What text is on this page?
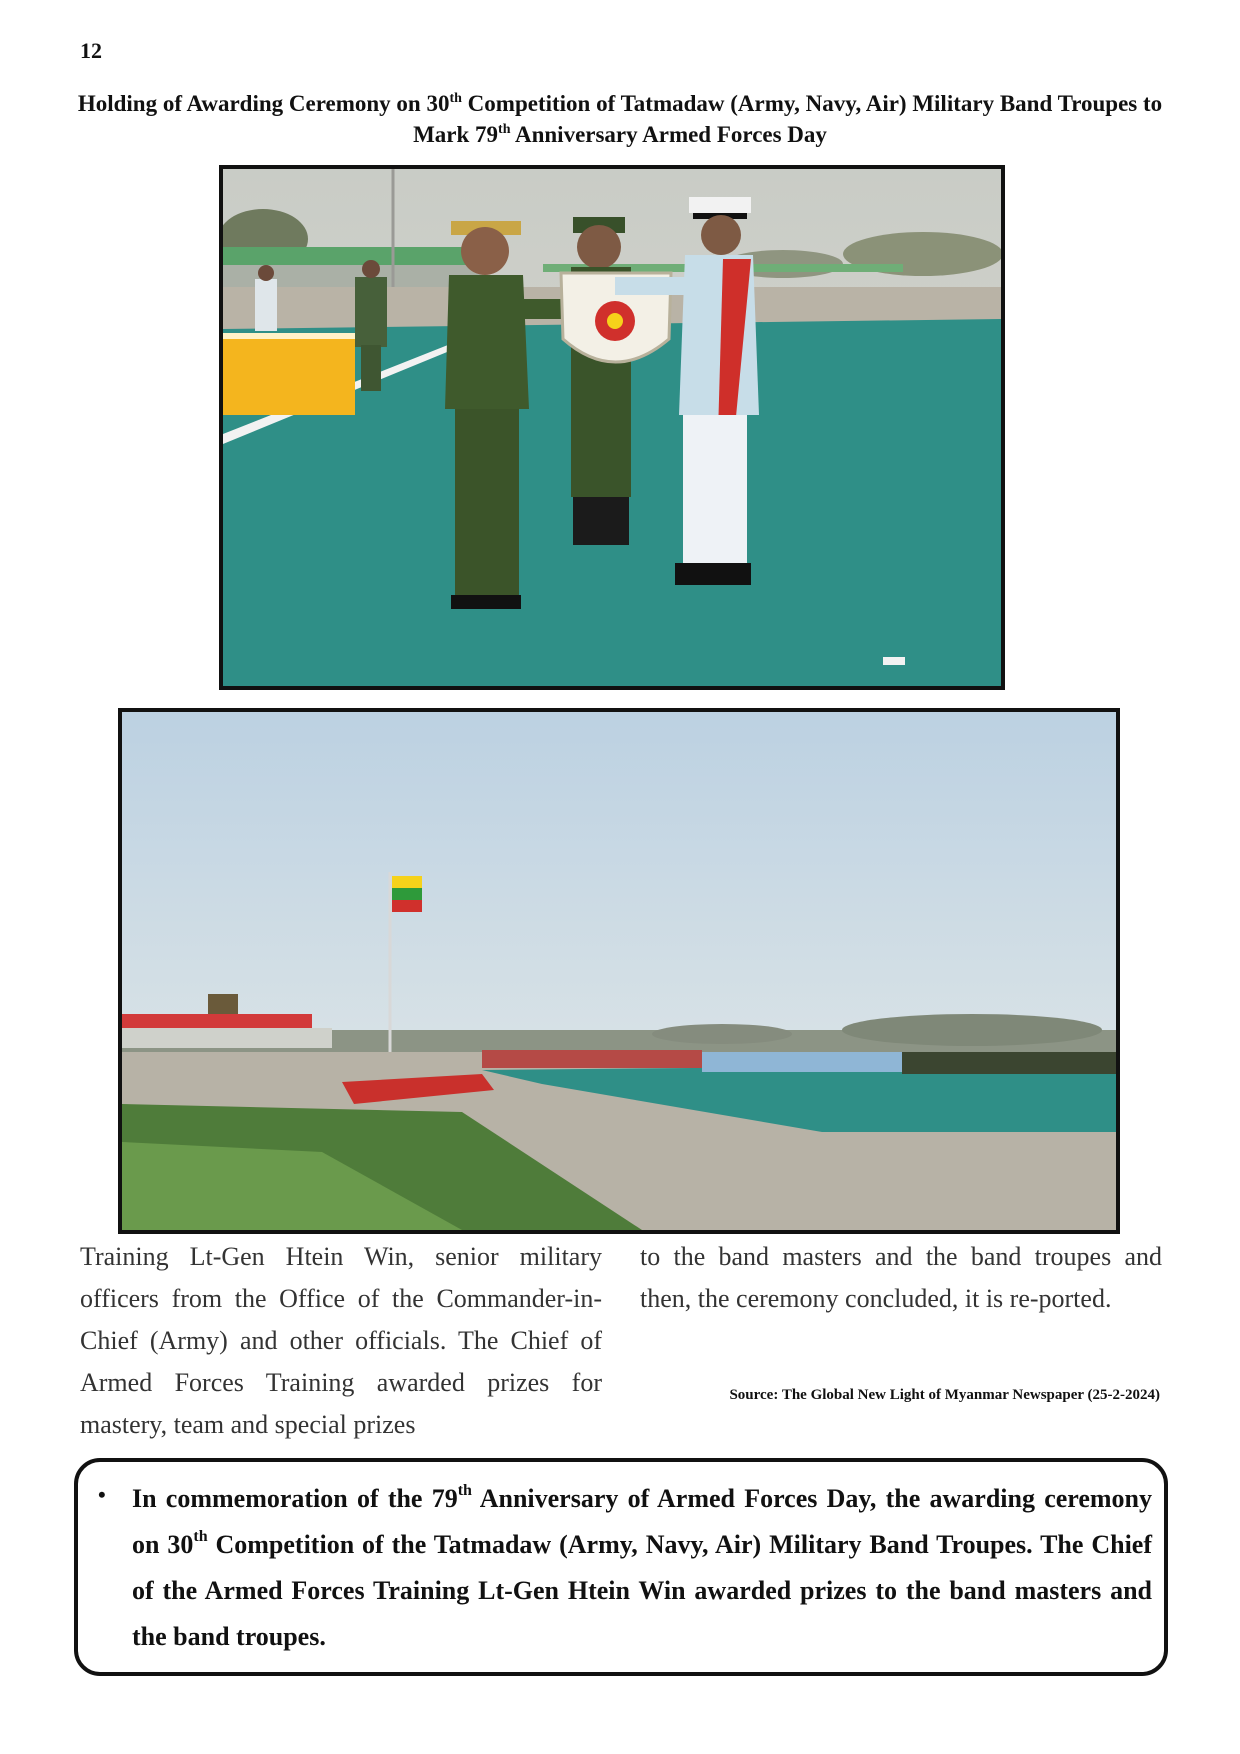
12
Holding of Awarding Ceremony on 30th Competition of Tatmadaw (Army, Navy, Air) Military Band Troupes to Mark 79th Anniversary Armed Forces Day
Training Lt-Gen Htein Win, senior military officers from the Office of the Commander-in-Chief (Army) and other officials. The Chief of Armed Forces Training awarded prizes for mastery, team and special prizes
to the band masters and the band troupes and then, the ceremony concluded, it is re-ported.
Source: The Global New Light of Myanmar Newspaper (25-2-2024)
• In commemoration of the 79th Anniversary of Armed Forces Day, the awarding ceremony on 30th Competition of the Tatmadaw (Army, Navy, Air) Military Band Troupes. The Chief of the Armed Forces Training Lt-Gen Htein Win awarded prizes to the band masters and the band troupes.
